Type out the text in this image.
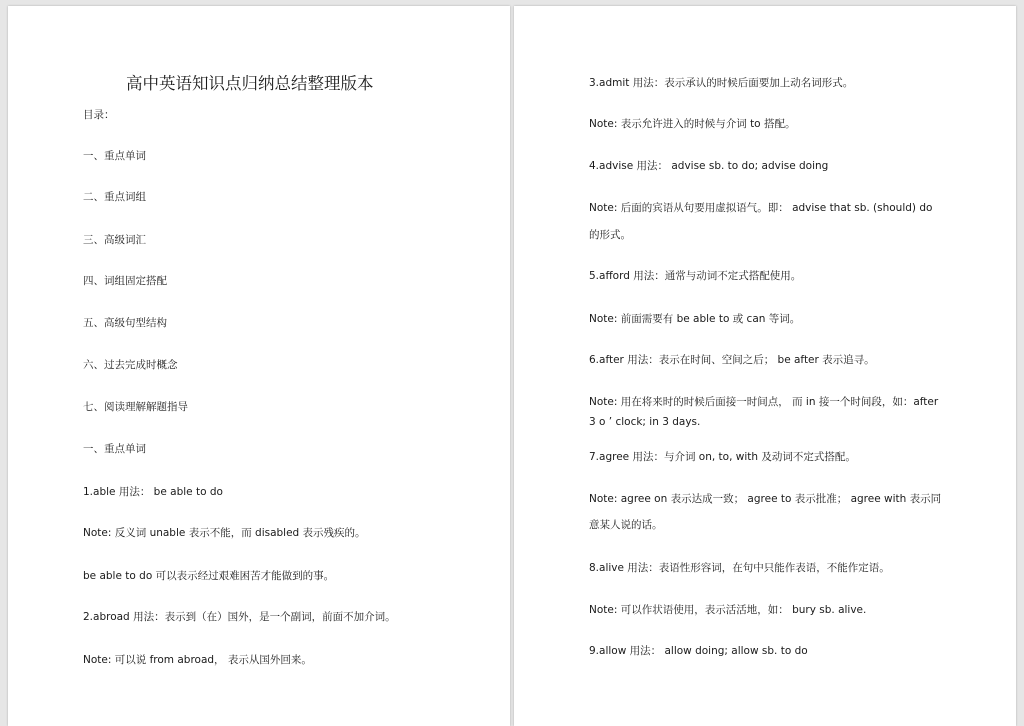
高中英语知识点归纳总结整理版本
目录：
一、重点单词
二、重点词组
三、高级词汇
四、词组固定搭配
五、高级句型结构
六、过去完成时概念
七、阅读理解解题指导
一、重点单词
1.able 用法： be able to do
Note: 反义词 unable 表示不能，而 disabled 表示残疾的。
be able to do 可以表示经过艰难困苦才能做到的事。
2.abroad 用法：表示到（在）国外，是一个副词，前面不加介词。
Note: 可以说 from abroad， 表示从国外回来。
3.admit 用法：表示承认的时候后面要加上动名词形式。
Note: 表示允许进入的时候与介词 to 搭配。
4.advise 用法： advise sb. to do; advise doing
Note: 后面的宾语从句要用虚拟语气。即： advise that sb. (should) do
的形式。
5.afford 用法：通常与动词不定式搭配使用。
Note: 前面需要有 be able to 或 can 等词。
6.after 用法：表示在时间、空间之后； be after 表示追寻。
Note: 用在将来时的时候后面接一时间点， 而 in 接一个时间段，如：after
3 o ’ clock; in 3 days.
7.agree 用法：与介词 on, to, with 及动词不定式搭配。
Note: agree on 表示达成一致； agree to 表示批准； agree with 表示同
意某人说的话。
8.alive 用法：表语性形容词，在句中只能作表语，不能作定语。
Note: 可以作状语使用，表示活活地，如： bury sb. alive.
9.allow 用法： allow doing; allow sb. to do
